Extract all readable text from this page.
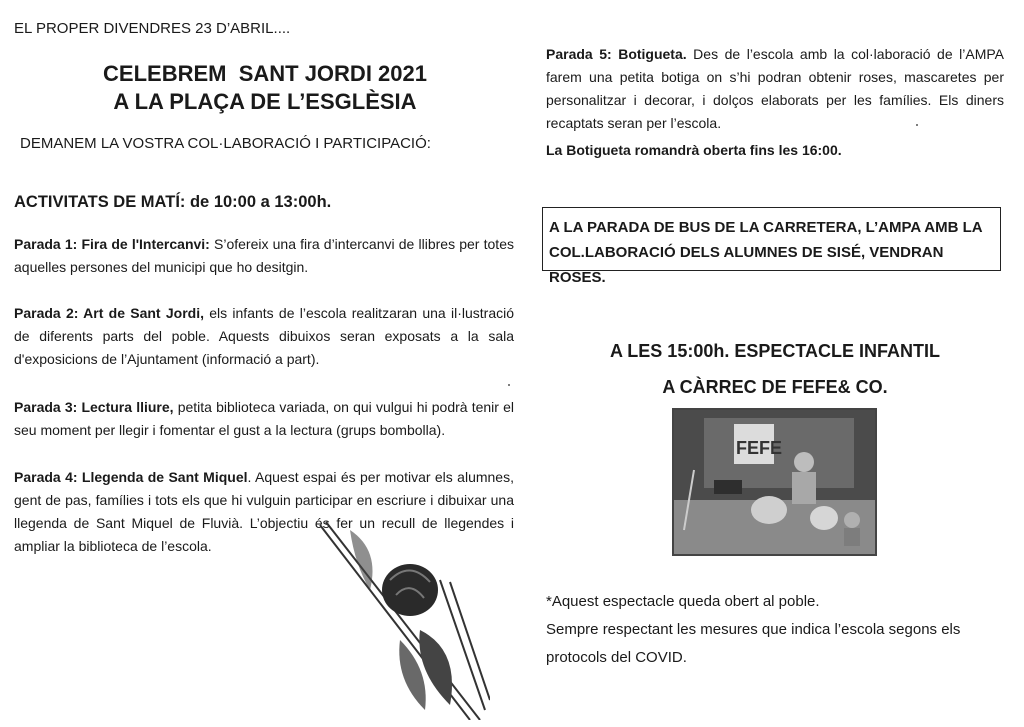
EL PROPER DIVENDRES 23 D’ABRIL....
CELEBREM  SANT JORDI 2021
A LA PLAÇA DE L’ESGLÈSIA
DEMANEM LA VOSTRA COL·LABORACIÓ I PARTICIPACIÓ:
ACTIVITATS DE MATÍ: de 10:00 a 13:00h.
Parada 1: Fira de l'Intercanvi: S’ofereix una fira d’intercanvi de llibres per totes aquelles persones del municipi que ho desitgin.
Parada 2: Art de Sant Jordi, els infants de l’escola realitzaran una il·lustració de diferents parts del poble. Aquests dibuixos seran exposats a la sala d'exposicions de l’Ajuntament (informació a part).
Parada 3: Lectura lliure, petita biblioteca variada, on qui vulgui hi podrà tenir el seu moment per llegir i fomentar el gust a la lectura (grups bombolla).
Parada 4: Llegenda de Sant Miquel. Aquest espai és per motivar els alumnes, gent de pas, famílies i tots els que hi vulguin participar en escriure i dibuixar una llegenda de Sant Miquel de Fluvià. L’objectiu és fer un recull de llegendes i ampliar la biblioteca de l’escola.
Parada 5: Botigueta. Des de l’escola amb la col·laboració de l’AMPA farem una petita botiga on s’hi podran obtenir roses, mascaretes per personalitzar i decorar, i dolços elaborats per les famílies. Els diners recaptats seran per l’escola.
La Botigueta romandrà oberta fins les 16:00.
A LA PARADA DE BUS DE LA CARRETERA, L’AMPA AMB LA COL.LABORACIÓ DELS ALUMNES DE SISÉ, VENDRAN ROSES.
A LES 15:00h. ESPECTACLE INFANTIL
A CÀRREC DE FEFE& CO.
FEFE
*Aquest espectacle queda obert al poble.
Sempre respectant les mesures que indica l’escola segons els protocols del COVID.
